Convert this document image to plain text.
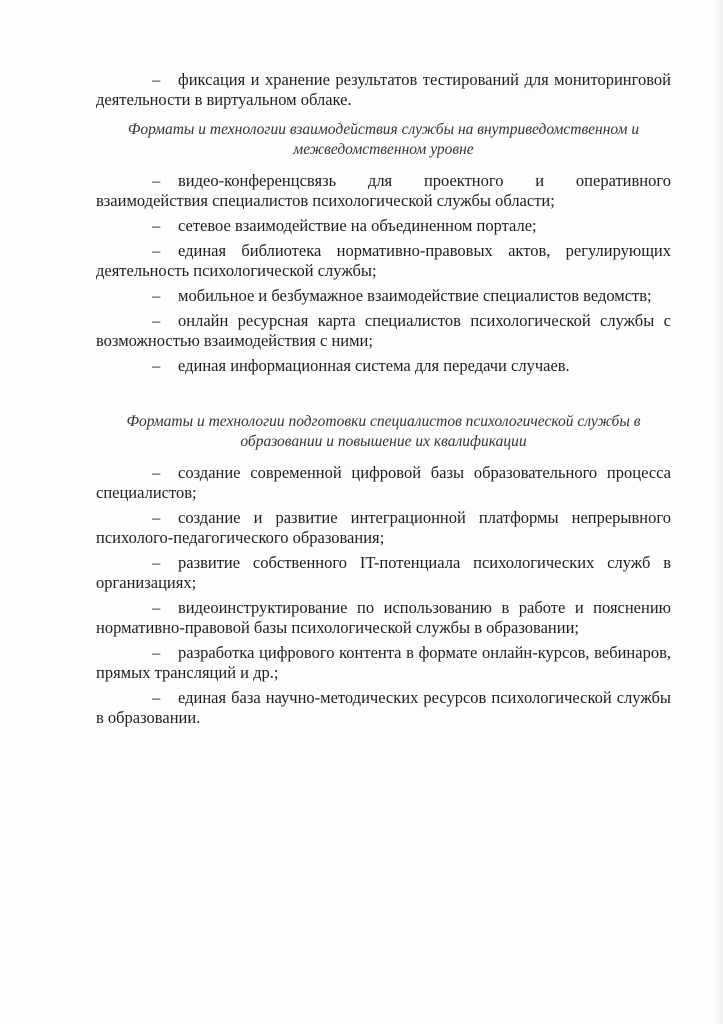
– фиксация и хранение результатов тестирований для мониторинговой деятельности в виртуальном облаке.

Форматы и технологии взаимодействия службы на внутриведомственном и межведомственном уровне

– видео-конференцсвязь для проектного и оперативного взаимодействия специалистов психологической службы области;

– сетевое взаимодействие на объединенном портале;

– единая библиотека нормативно-правовых актов, регулирующих деятельность психологической службы;

– мобильное и безбумажное взаимодействие специалистов ведомств;

– онлайн ресурсная карта специалистов психологической службы с возможностью взаимодействия с ними;

– единая информационная система для передачи случаев.

Форматы и технологии подготовки специалистов психологической службы в образовании и повышение их квалификации

– создание современной цифровой базы образовательного процесса специалистов;

– создание и развитие интеграционной платформы непрерывного психолого-педагогического образования;

– развитие собственного IT-потенциала психологических служб в организациях;

– видеоинструктирование по использованию в работе и пояснению нормативно-правовой базы психологической службы в образовании;

– разработка цифрового контента в формате онлайн-курсов, вебинаров, прямых трансляций и др.;

– единая база научно-методических ресурсов психологической службы в образовании.
